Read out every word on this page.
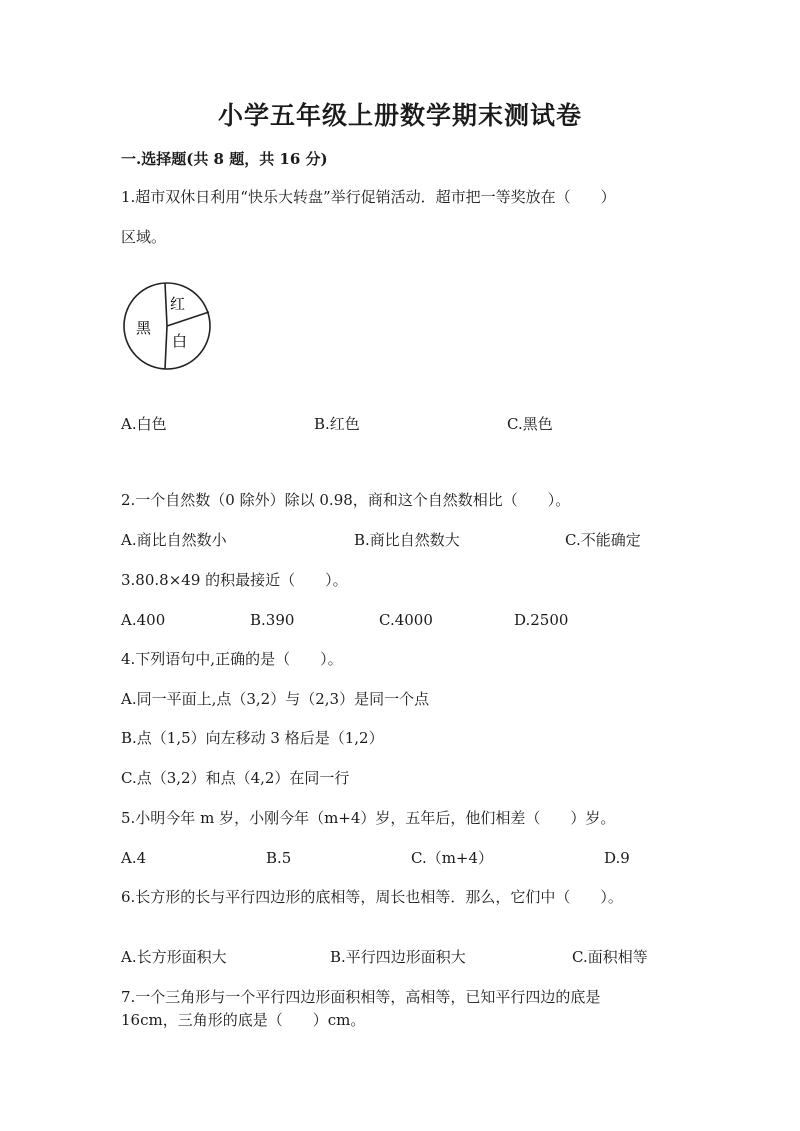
小学五年级上册数学期末测试卷
一.选择题(共 8 题，共 16 分)
1.超市双休日利用“快乐大转盘”举行促销活动．超市把一等奖放在（　　）
区域。
黑
红
白
A.白色	B.红色	C.黑色
2.一个自然数（0 除外）除以 0.98，商和这个自然数相比（　　）。
A.商比自然数小	B.商比自然数大	C.不能确定
3.80.8×49 的积最接近（　　）。
A.400	B.390	C.4000	D.2500
4.下列语句中,正确的是（　　）。
A.同一平面上,点（3,2）与（2,3）是同一个点
B.点（1,5）向左移动 3 格后是（1,2）
C.点（3,2）和点（4,2）在同一行
5.小明今年 m 岁，小刚今年（m+4）岁，五年后，他们相差（　　）岁。
A.4	B.5	C.（m+4）	D.9
6.长方形的长与平行四边形的底相等，周长也相等．那么，它们中（　　）。
A.长方形面积大	B.平行四边形面积大	C.面积相等
7.一个三角形与一个平行四边形面积相等，高相等，已知平行四边的底是
16cm，三角形的底是（　　）cm。
